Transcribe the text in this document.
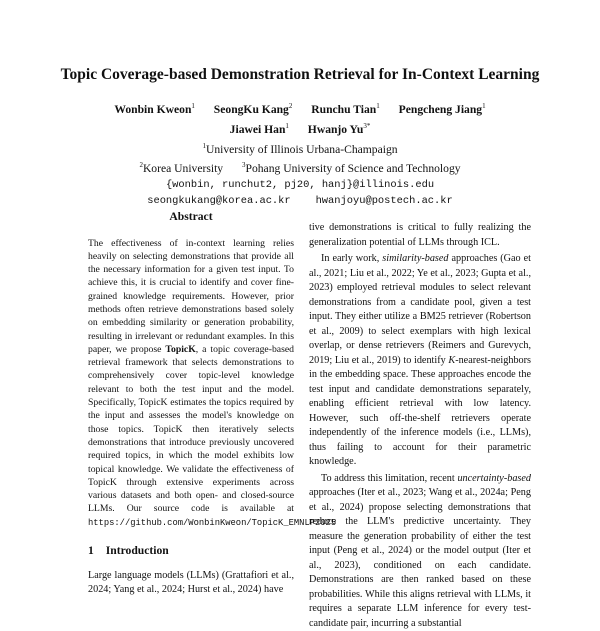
Topic Coverage-based Demonstration Retrieval for In-Context Learning
Wonbin Kweon$^1$ SeongKu Kang$^2$ Runchu Tian$^1$ Pengcheng Jiang$^1$
Jiawei Han$^1$ Hwanjo $Yu^{3*}$
$^1$University of Illinois Urbana-Champaign
$^2$Korea University	$^3$Pohang University of Science and Technology
{wonbin, runchut2, pj20, hanj}@illinois.edu
seongkukang@korea.ac.kr    hwanjoyu@postech.ac.kr
Abstract

The effectiveness of in-context learning relies heavily on selecting demonstrations that provide all the necessary information for a given test input. To achieve this, it is crucial to identify and cover fine-grained knowledge requirements. However, prior methods often retrieve demonstrations based solely on embedding similarity or generation probability, resulting in irrelevant or redundant examples. In this paper, we propose TopicK, a topic coverage-based retrieval framework that selects demonstrations to comprehensively cover topic-level knowledge relevant to both the test input and the model. Specifically, TopicK estimates the topics required by the input and assesses the model's knowledge on those topics. TopicK then iteratively selects demonstrations that introduce previously uncovered required topics, in which the model exhibits low topical knowledge. We validate the effectiveness of TopicK through extensive experiments across various datasets and both open- and closed-source LLMs. Our source code is available at https://github.com/WonbinKweon/TopicK_EMNLP2025

1 Introduction

Large language models (LLMs) (Grattafiori et al., 2024; Yang et al., 2024; Hurst et al., 2024) have

tive demonstrations is critical to fully realizing the generalization potential of LLMs through ICL.

In early work, similarity-based approaches (Gao et al., 2021; Liu et al., 2022; Ye et al., 2023; Gupta et al., 2023) employed retrieval modules to select relevant demonstrations from a candidate pool, given a test input. They either utilize a BM25 retriever (Robertson et al., 2009) to select exemplars with high lexical overlap, or dense retrievers (Reimers and Gurevych, 2019; Liu et al., 2019) to identify K-nearest-neighbors in the embedding space. These approaches encode the test input and candidate demonstrations separately, enabling efficient retrieval with low latency. However, such off-the-shelf retrievers operate independently of the inference models (i.e., LLMs), thus failing to account for their parametric knowledge.

To address this limitation, recent uncertainty-based approaches (Iter et al., 2023; Wang et al., 2024a; Peng et al., 2024) propose selecting demonstrations that reduce the LLM's predictive uncertainty. They measure the generation probability of either the test input (Peng et al., 2024) or the model output (Iter et al., 2023), conditioned on each candidate. Demonstrations are then ranked based on these probabilities. While this aligns retrieval with LLMs, it requires a separate LLM inference for every test-candidate pair, incurring a substantial
